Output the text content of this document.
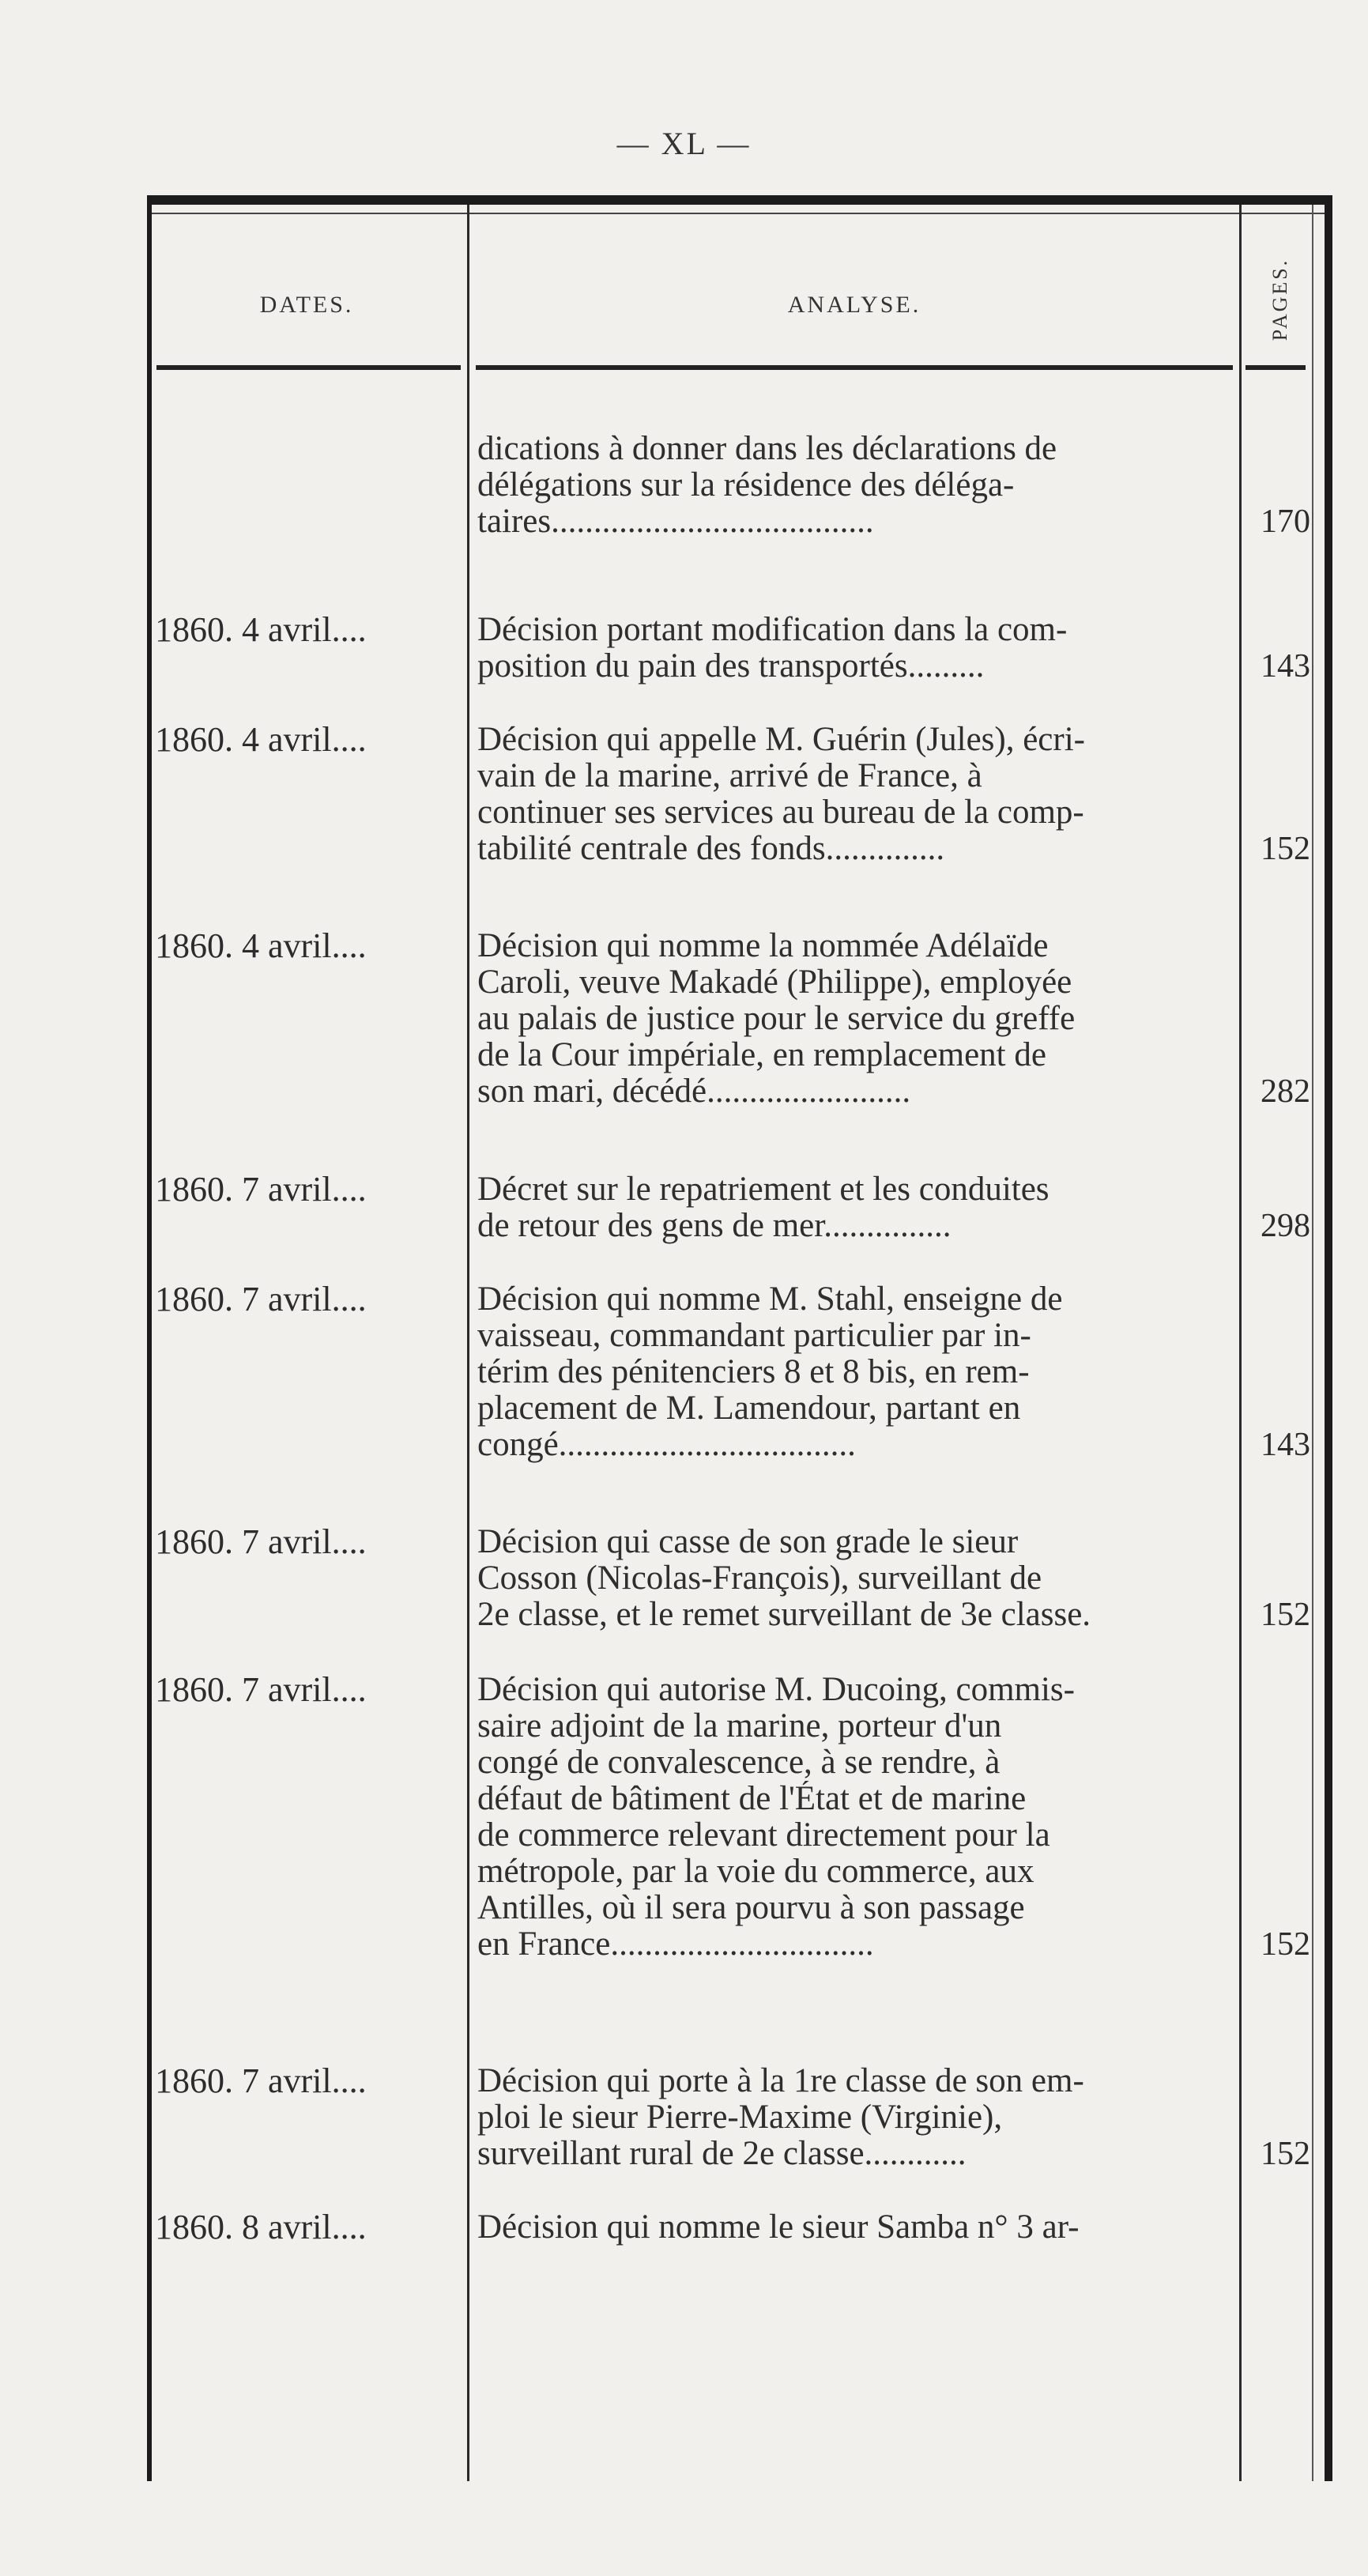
— XL —
DATES.	ANALYSE.	PAGES.
dications à donner dans les déclarations de
délégations sur la résidence des déléga-
taires......................................	170
1860. 4 avril....	Décision portant modification dans la com-
position du pain des transportés.........	143
1860. 4 avril....	Décision qui appelle M. Guérin (Jules), écri-
vain de la marine, arrivé de France, à
continuer ses services au bureau de la comp-
tabilité centrale des fonds..............	152
1860. 4 avril....	Décision qui nomme la nommée Adélaïde
Caroli, veuve Makadé (Philippe), employée
au palais de justice pour le service du greffe
de la Cour impériale, en remplacement de
son mari, décédé........................	282
1860. 7 avril....	Décret sur le repatriement et les conduites
de retour des gens de mer...............	298
1860. 7 avril....	Décision qui nomme M. Stahl, enseigne de
vaisseau, commandant particulier par in-
térim des pénitenciers 8 et 8 bis, en rem-
placement de M. Lamendour, partant en
congé...................................	143
1860. 7 avril....	Décision qui casse de son grade le sieur
Cosson (Nicolas-François), surveillant de
2e classe, et le remet surveillant de 3e classe.	152
1860. 7 avril....	Décision qui autorise M. Ducoing, commis-
saire adjoint de la marine, porteur d'un
congé de convalescence, à se rendre, à
défaut de bâtiment de l'État et de marine
de commerce relevant directement pour la
métropole, par la voie du commerce, aux
Antilles, où il sera pourvu à son passage
en France...............................	152
1860. 7 avril....	Décision qui porte à la 1re classe de son em-
ploi le sieur Pierre-Maxime (Virginie),
surveillant rural de 2e classe............	152
1860. 8 avril....	Décision qui nomme le sieur Samba n° 3 ar-
